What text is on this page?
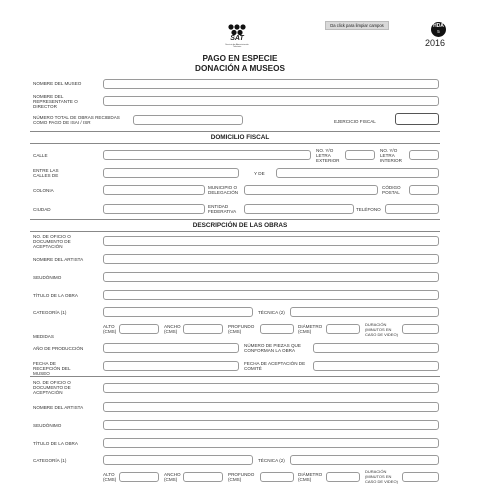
SAT
Servicio de Administración Tributaria
Da click para limpiar campos	HDA
5
2016
PAGO EN ESPECIE
DONACIÓN A MUSEOS
NOMBRE DEL MUSEO
NOMBRE DEL REPRESENTANTE O DIRECTOR
NÚMERO TOTAL DE OBRAS RECIBIDAS COMO PAGO DE ISAI / ISR	EJERCICIO FISCAL
DOMICILIO FISCAL
CALLE
NO. Y/O LETRA EXTERIOR
NO. Y/O LETRA INTERIOR
ENTRE LAS CALLES DE	Y DE
COLONIA
MUNICIPIO O DELEGACIÓN
CÓDIGO POSTAL
CIUDAD
ENTIDAD FEDERATIVA	TELÉFONO
DESCRIPCIÓN DE LAS OBRAS
NO. DE OFICIO O DOCUMENTO DE ACEPTACIÓN
NOMBRE DEL ARTISTA
SEUDÓNIMO
TÍTULO DE LA OBRA
CATEGORÍA (1)	TÉCNICA (2)
MEDIDAS
ALTO (CMS)
ANCHO (CMS)
PROFUNDO (CMS)
DIÁMETRO (CMS)
DURACIÓN (MINUTOS EN CASO DE VIDEO)
AÑO DE PRODUCCIÓN
NÚMERO DE PIEZAS QUE CONFORMAN LA OBRA
FECHA DE RECEPCIÓN DEL MUSEO
FECHA DE ACEPTACIÓN DE COMITÉ
NO. DE OFICIO O DOCUMENTO DE ACEPTACIÓN
NOMBRE DEL ARTISTA
SEUDÓNIMO
TÍTULO DE LA OBRA
CATEGORÍA (1)	TÉCNICA (2)
ALTO (CMS)
ANCHO (CMS)
PROFUNDO (CMS)
DIÁMETRO (CMS)
DURACIÓN (MINUTOS EN CASO DE VIDEO)
